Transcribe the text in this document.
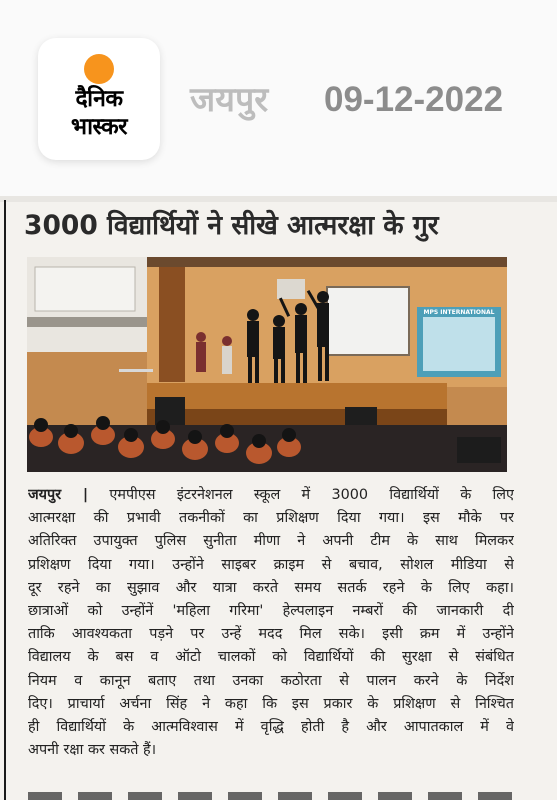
दैनिक
भास्कर
जयपुर 09-12-2022
3000 विद्यार्थियों ने सीखे आत्मरक्षा के गुर
MPS INTERNATIONAL
जयपुर | एमपीएस इंटरनेशनल स्कूल में 3000 विद्यार्थियों के लिए
आत्मरक्षा की प्रभावी तकनीकों का प्रशिक्षण दिया गया। इस मौके पर
अतिरिक्त उपायुक्त पुलिस सुनीता मीणा ने अपनी टीम के साथ मिलकर
प्रशिक्षण दिया गया। उन्होंने साइबर क्राइम से बचाव, सोशल मीडिया से
दूर रहने का सुझाव और यात्रा करते समय सतर्क रहने के लिए कहा।
छात्राओं को उन्होंनें 'महिला गरिमा' हेल्पलाइन नम्बरों की जानकारी दी
ताकि आवश्यकता पड़ने पर उन्हें मदद मिल सके। इसी क्रम में उन्होंने
विद्यालय के बस व ऑटो चालकों को विद्यार्थियों की सुरक्षा से संबंधित
नियम व कानून बताए तथा उनका कठोरता से पालन करने के निर्देश
दिए। प्राचार्या अर्चना सिंह ने कहा कि इस प्रकार के प्रशिक्षण से निश्चित
ही विद्यार्थियों के आत्मविश्वास में वृद्धि होती है और आपातकाल में वे
अपनी रक्षा कर सकते हैं।
